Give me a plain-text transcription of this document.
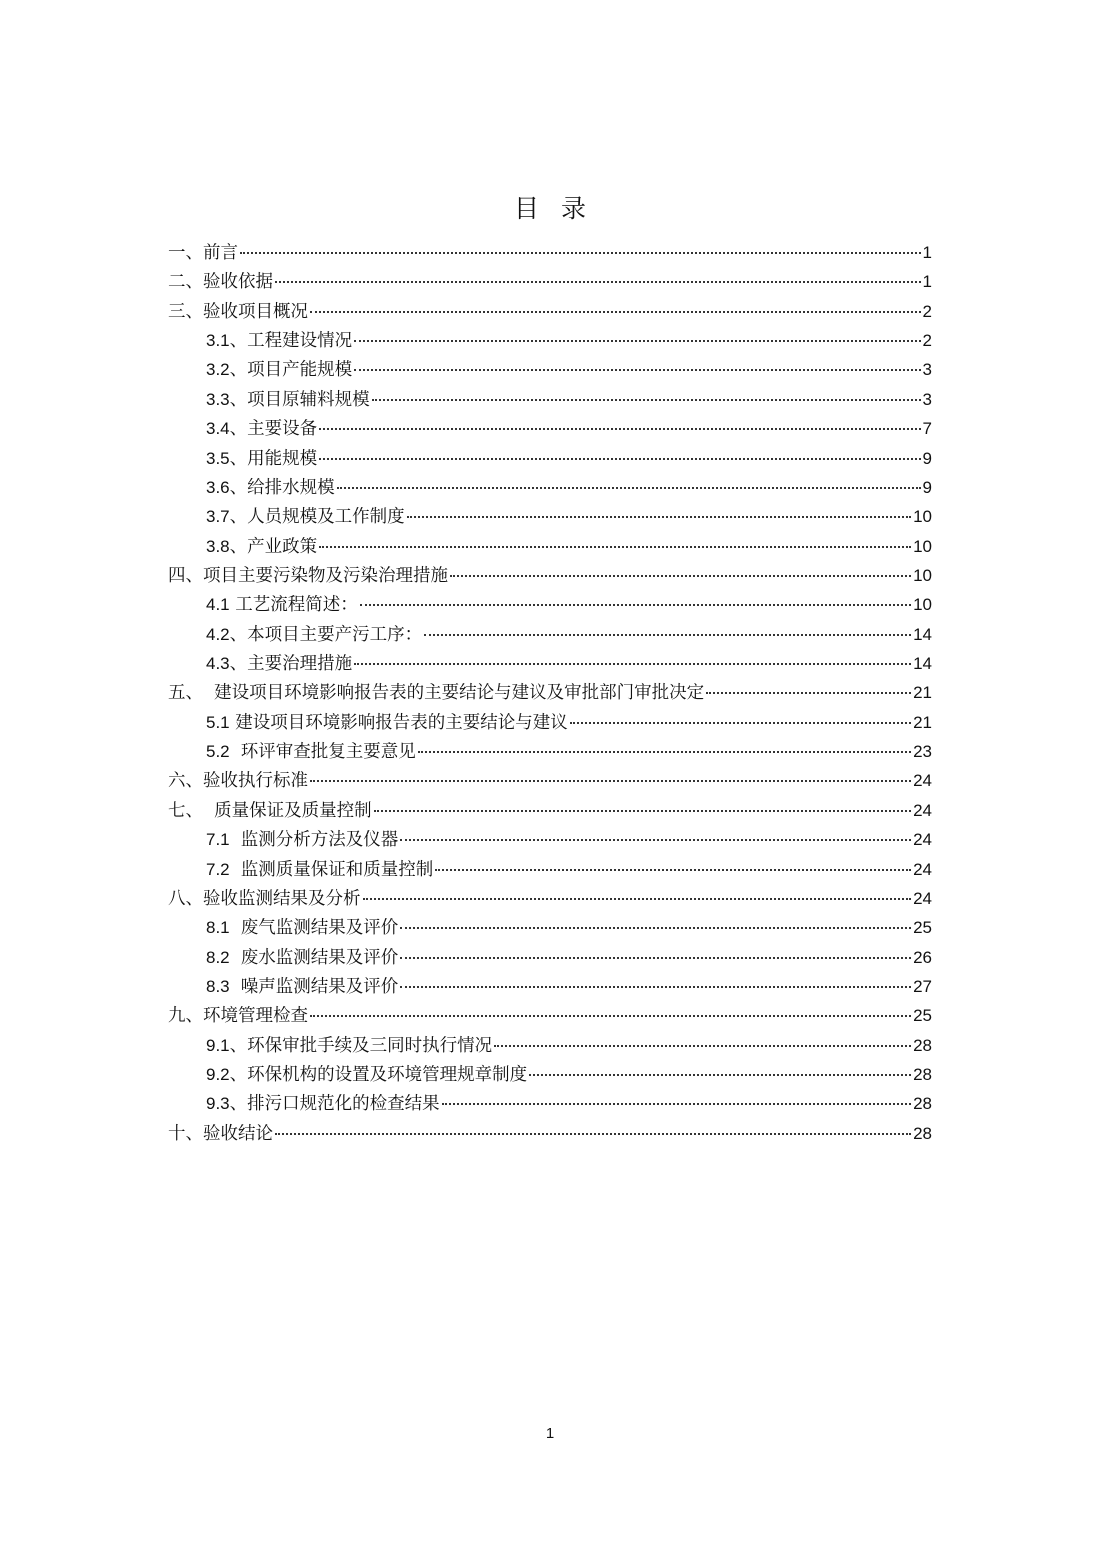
目录
一、前言	1
二、验收依据	1
三、验收项目概况	2
3.1 、工程建设情况	2
3.2 、项目产能规模	3
3.3 、项目原辅料规模	3
3.4 、主要设备	7
3.5 、用能规模	9
3.6 、给排水规模	9
3.7 、人员规模及工作制度	10
3.8 、产业政策	10
四、项目主要污染物及污染治理措施	10
4.1 工艺流程简述：	10
4.2 、本项目主要产污工序：	14
4.3 、主要治理措施	14
五、  建设项目环境影响报告表的主要结论与建议及审批部门审批决定	21
5.1 建设项目环境影响报告表的主要结论与建议	21
5.2 环评审查批复主要意见	23
六、验收执行标准	24
七、  质量保证及质量控制	24
7.1 监测分析方法及仪器	24
7.2 监测质量保证和质量控制	24
八、验收监测结果及分析	24
8.1 废气监测结果及评价	25
8.2 废水监测结果及评价	26
8.3 噪声监测结果及评价	27
九、环境管理检查	25
9.1 、环保审批手续及三同时执行情况	28
9.2 、环保机构的设置及环境管理规章制度	28
9.3 、排污口规范化的检查结果	28
十、验收结论	28
1
